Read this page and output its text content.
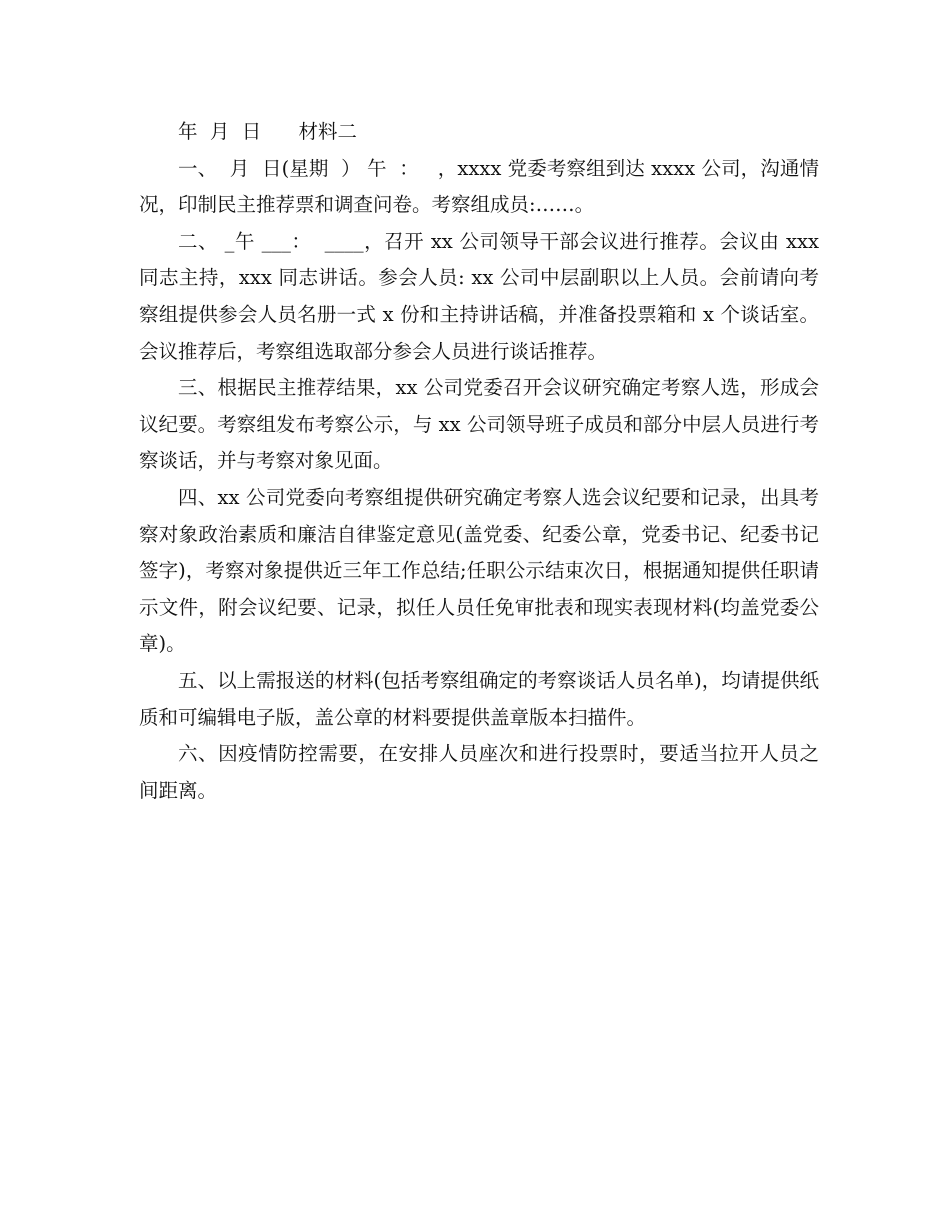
年  月  日      材料二

一、  月  日(星期  ） 午  ：   ，xxxx 党委考察组到达 xxxx 公司，沟通情况，印制民主推荐票和调查问卷。考察组成员:……。

二、 _午 ___：  ____，召开 xx 公司领导干部会议进行推荐。会议由 xxx 同志主持，xxx 同志讲话。参会人员: xx 公司中层副职以上人员。会前请向考察组提供参会人员名册一式 x 份和主持讲话稿，并准备投票箱和 x 个谈话室。会议推荐后，考察组选取部分参会人员进行谈话推荐。

三、根据民主推荐结果，xx 公司党委召开会议研究确定考察人选，形成会议纪要。考察组发布考察公示，与 xx 公司领导班子成员和部分中层人员进行考察谈话，并与考察对象见面。

四、xx 公司党委向考察组提供研究确定考察人选会议纪要和记录，出具考察对象政治素质和廉洁自律鉴定意见(盖党委、纪委公章，党委书记、纪委书记签字)，考察对象提供近三年工作总结;任职公示结束次日，根据通知提供任职请示文件，附会议纪要、记录，拟任人员任免审批表和现实表现材料(均盖党委公章)。

五、以上需报送的材料(包括考察组确定的考察谈话人员名单)，均请提供纸质和可编辑电子版，盖公章的材料要提供盖章版本扫描件。

六、因疫情防控需要，在安排人员座次和进行投票时，要适当拉开人员之间距离。
